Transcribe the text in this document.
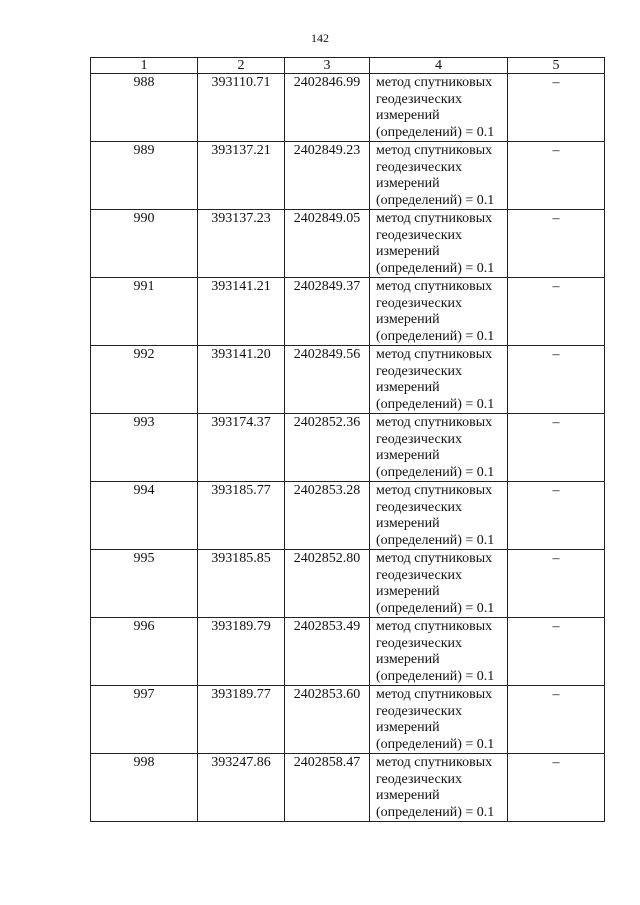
142
1	2	3	4	5
988	393110.71	2402846.99	метод спутниковых
геодезических
измерений
(определений) = 0.1	–
989	393137.21	2402849.23	метод спутниковых
геодезических
измерений
(определений) = 0.1	–
990	393137.23	2402849.05	метод спутниковых
геодезических
измерений
(определений) = 0.1	–
991	393141.21	2402849.37	метод спутниковых
геодезических
измерений
(определений) = 0.1	–
992	393141.20	2402849.56	метод спутниковых
геодезических
измерений
(определений) = 0.1	–
993	393174.37	2402852.36	метод спутниковых
геодезических
измерений
(определений) = 0.1	–
994	393185.77	2402853.28	метод спутниковых
геодезических
измерений
(определений) = 0.1	–
995	393185.85	2402852.80	метод спутниковых
геодезических
измерений
(определений) = 0.1	–
996	393189.79	2402853.49	метод спутниковых
геодезических
измерений
(определений) = 0.1	–
997	393189.77	2402853.60	метод спутниковых
геодезических
измерений
(определений) = 0.1	–
998	393247.86	2402858.47	метод спутниковых
геодезических
измерений
(определений) = 0.1	–
